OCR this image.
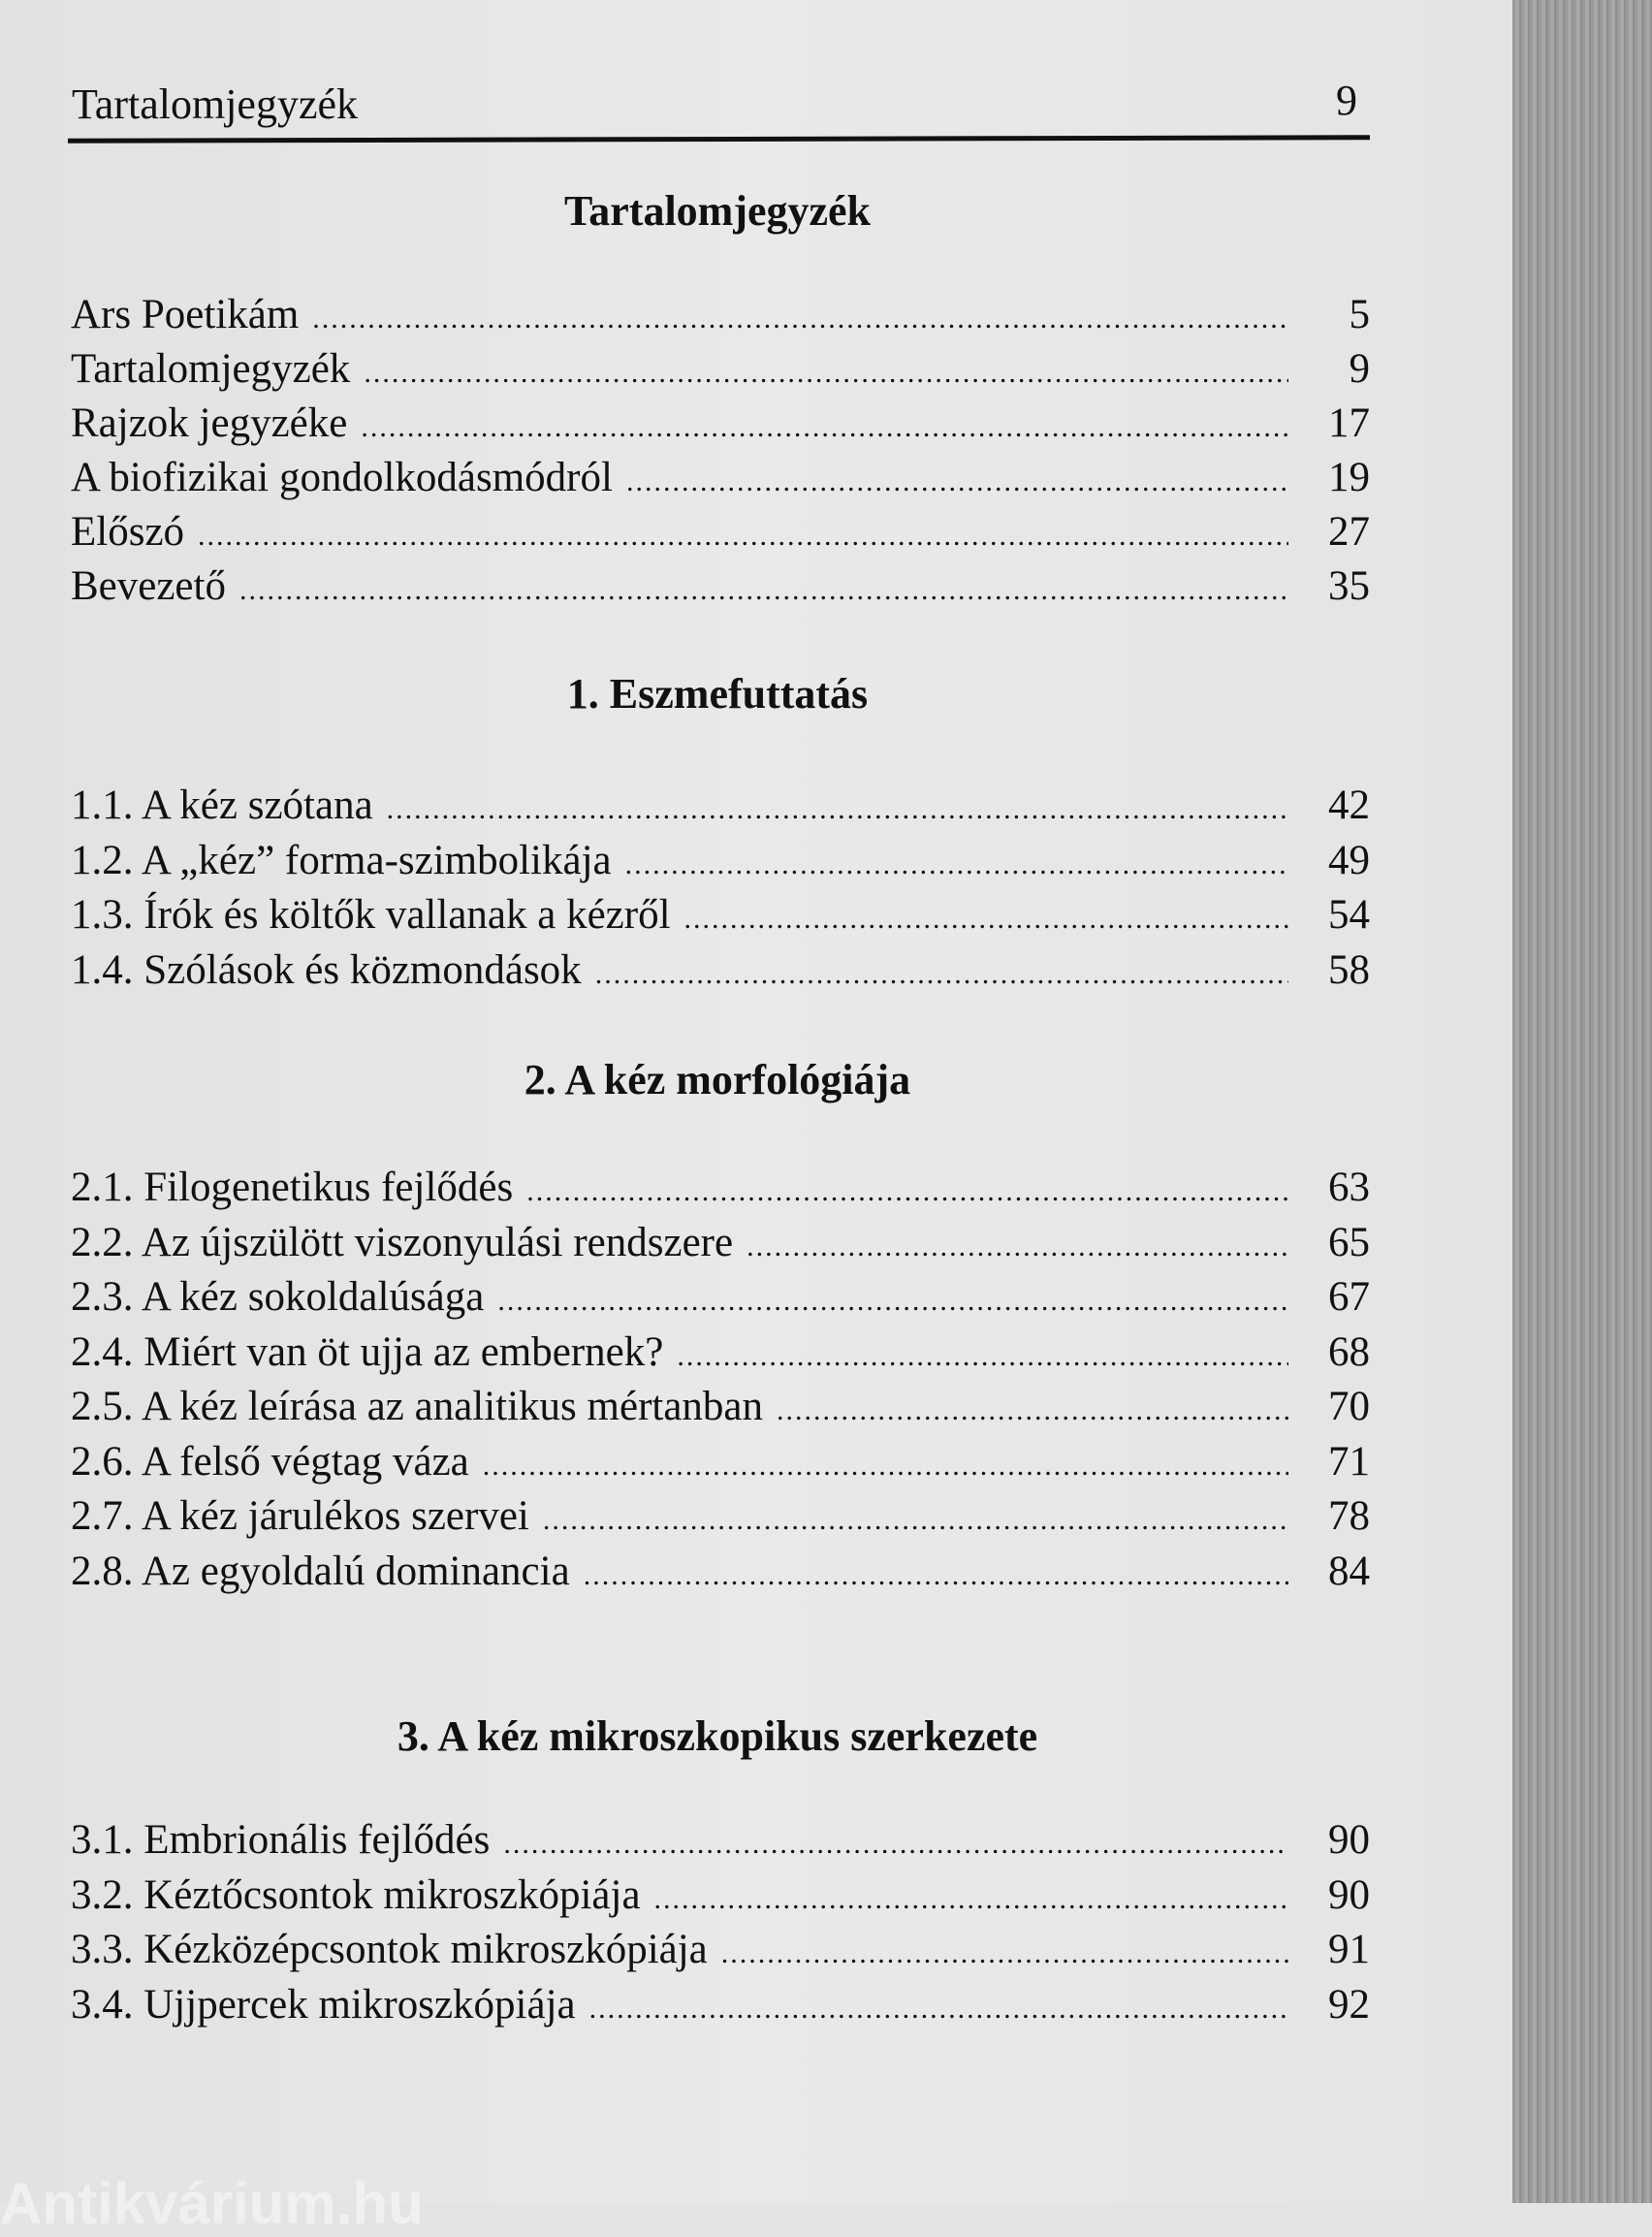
Tartalomjegyzék	9
Tartalomjegyzék
Ars Poetikám .....	5
Tartalomjegyzék .....	9
Rajzok jegyzéke .....	17
A biofizikai gondolkodásmódról .....	19
Előszó .....	27
Bevezető .....	35
1. Eszmefuttatás
1.1. A kéz szótana .....	42
1.2. A „kéz” forma-szimbolikája .....	49
1.3. Írók és költők vallanak a kézről .....	54
1.4. Szólások és közmondások .....	58
2. A kéz morfológiája
2.1. Filogenetikus fejlődés .....	63
2.2. Az újszülött viszonyulási rendszere .....	65
2.3. A kéz sokoldalúsága .....	67
2.4. Miért van öt ujja az embernek? .....	68
2.5. A kéz leírása az analitikus mértanban .....	70
2.6. A felső végtag váza .....	71
2.7. A kéz járulékos szervei .....	78
2.8. Az egyoldalú dominancia .....	84
3. A kéz mikroszkopikus szerkezete
3.1. Embrionális fejlődés .....	90
3.2. Kéztőcsontok mikroszkópiája .....	90
3.3. Kézközépcsontok mikroszkópiája .....	91
3.4. Ujjpercek mikroszkópiája .....	92
Antikvárium.hu
